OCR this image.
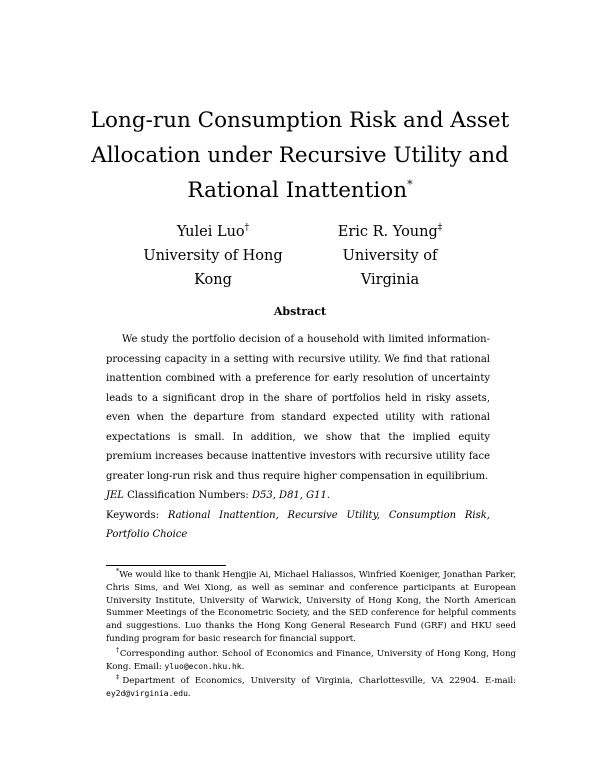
Long-run Consumption Risk and Asset Allocation under Recursive Utility and Rational Inattention*
Yulei Luo†
University of Hong Kong
Eric R. Young‡
University of Virginia
Abstract

We study the portfolio decision of a household with limited information-processing capacity in a setting with recursive utility. We find that rational inattention combined with a preference for early resolution of uncertainty leads to a significant drop in the share of portfolios held in risky assets, even when the departure from standard expected utility with rational expectations is small. In addition, we show that the implied equity premium increases because inattentive investors with recursive utility face greater long-run risk and thus require higher compensation in equilibrium.

JEL Classification Numbers: D53, D81, G11.
Keywords: Rational Inattention, Recursive Utility, Consumption Risk, Portfolio Choice

*We would like to thank Hengjie Ai, Michael Haliassos, Winfried Koeniger, Jonathan Parker, Chris Sims, and Wei Xiong, as well as seminar and conference participants at European University Institute, University of Warwick, University of Hong Kong, the North American Summer Meetings of the Econometric Society, and the SED conference for helpful comments and suggestions. Luo thanks the Hong Kong General Research Fund (GRF) and HKU seed funding program for basic research for financial support.

†Corresponding author. School of Economics and Finance, University of Hong Kong, Hong Kong. Email: yluo@econ.hku.hk.

‡Department of Economics, University of Virginia, Charlottesville, VA 22904. E-mail: ey2d@virginia.edu.
